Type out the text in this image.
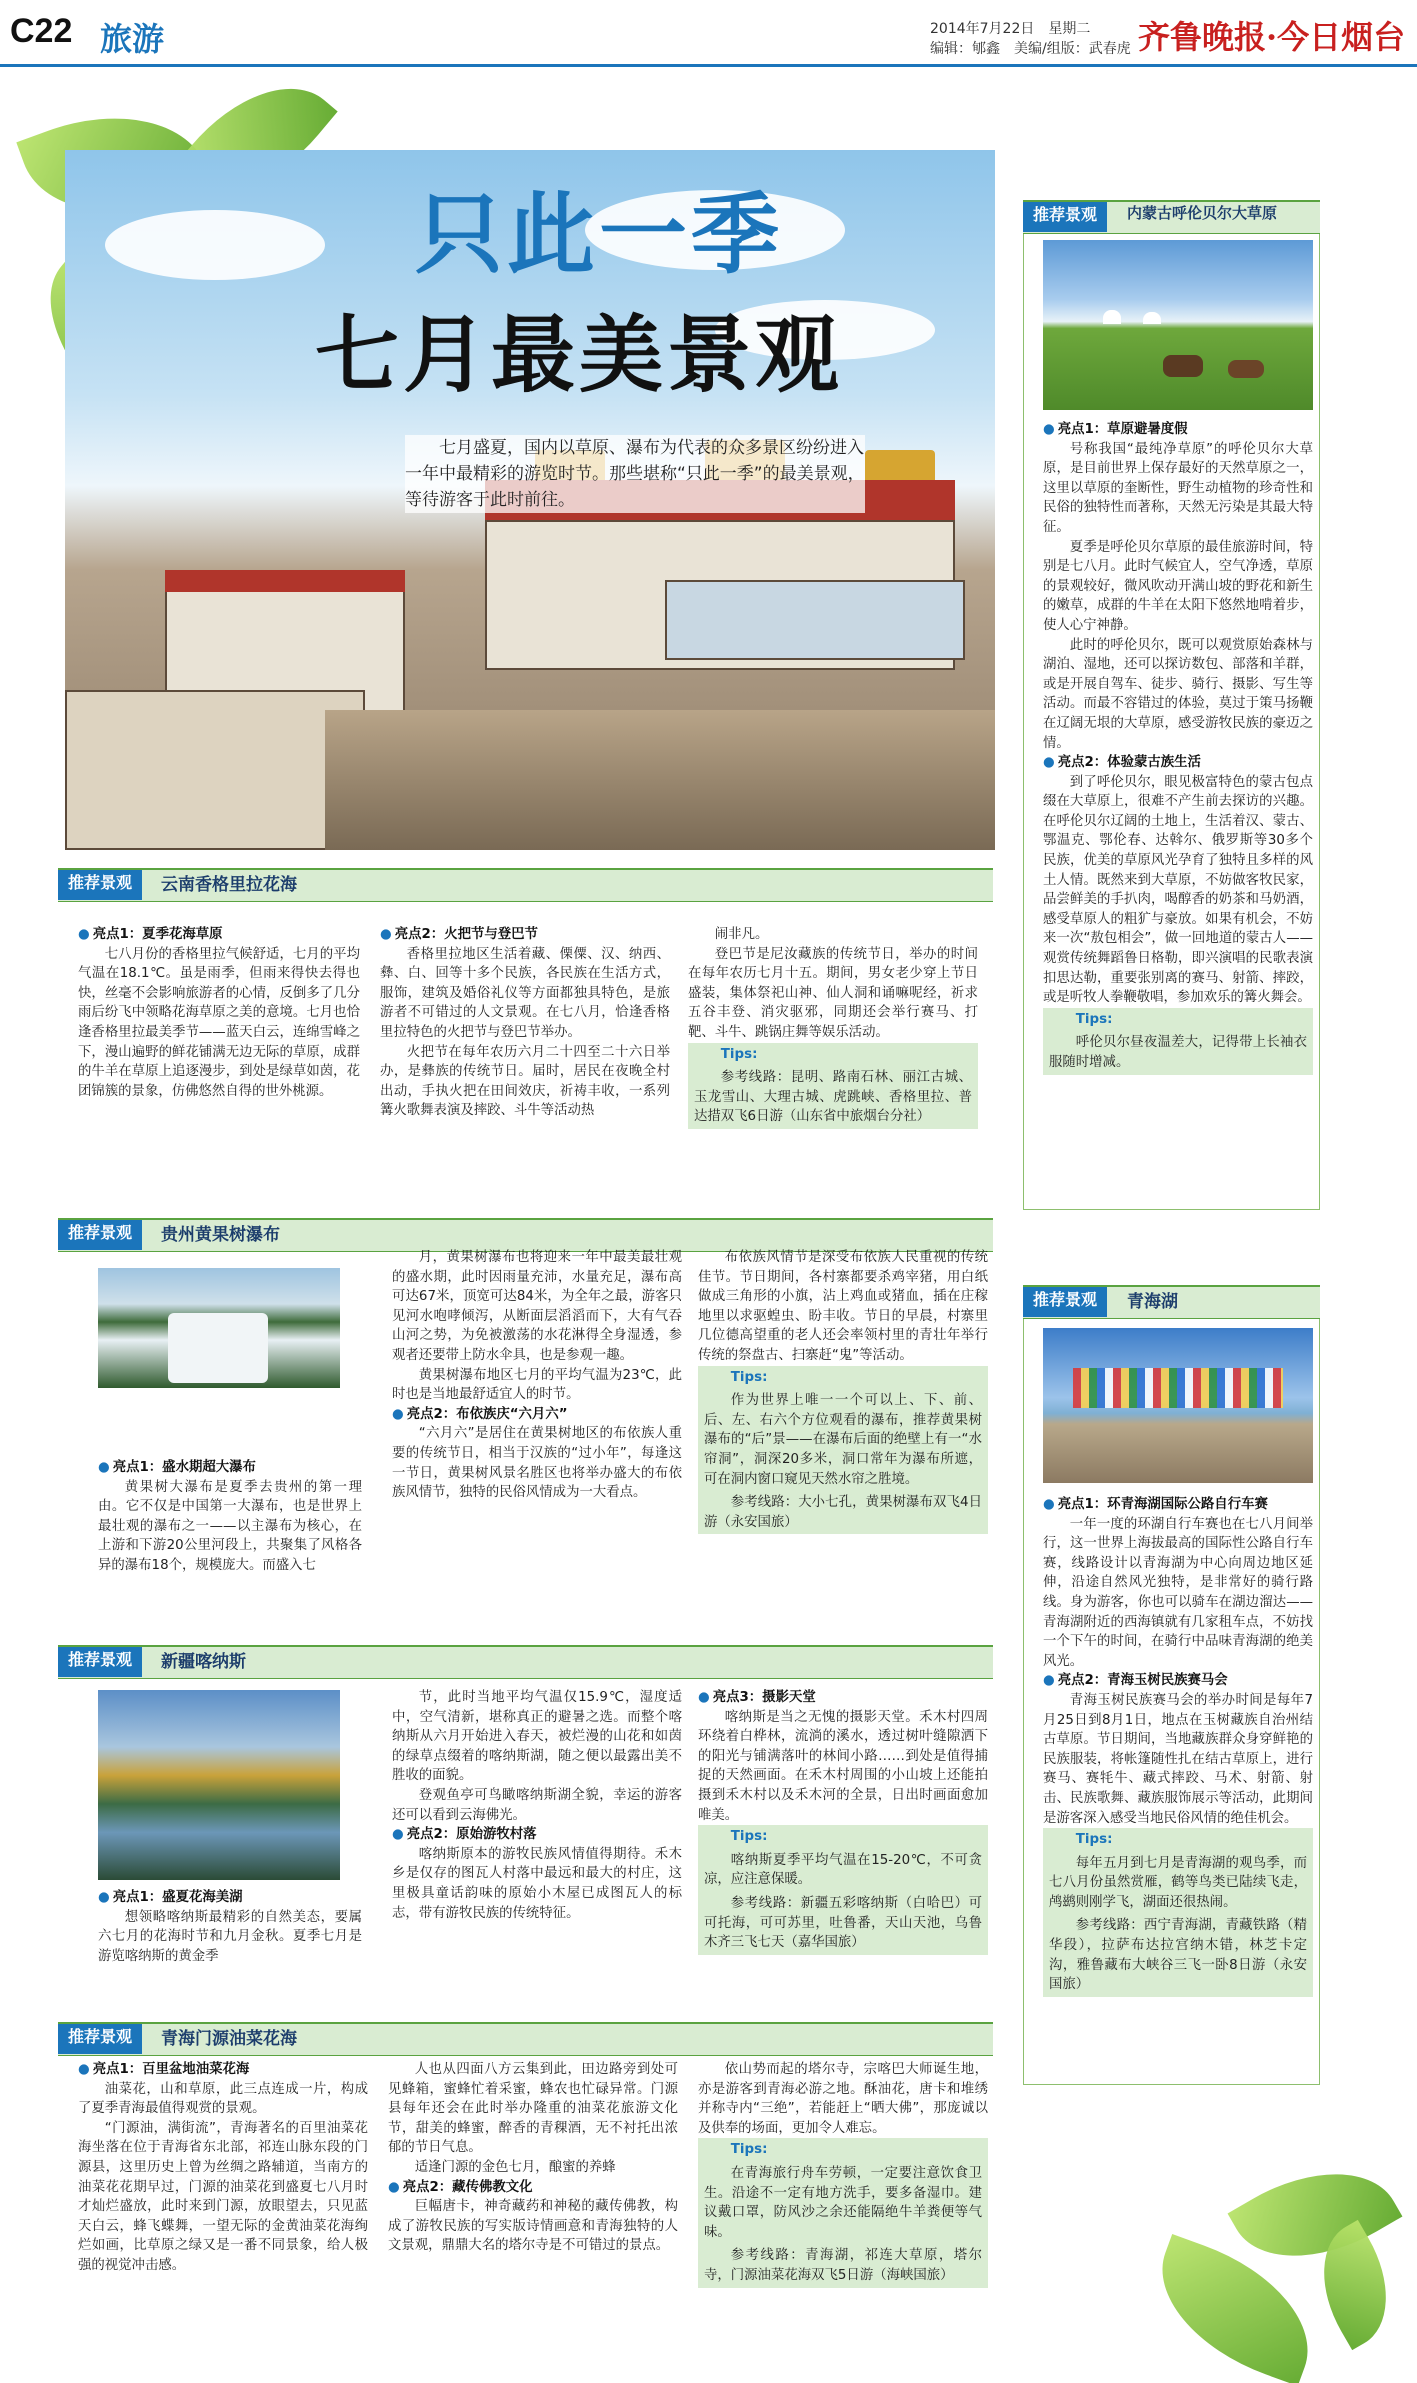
C22 旅游	2014年7月22日　星期二
编辑：郇鑫　美编/组版：武春虎 齐鲁晚报·今日烟台
只此一季
七月最美景观
七月盛夏，国内以草原、瀑布为代表的众多景区纷纷进入一年中最精彩的游览时节。那些堪称“只此一季”的最美景观，等待游客于此时前往。
推荐景观	云南香格里拉花海

● 亮点1：夏季花海草原

七八月份的香格里拉气候舒适，七月的平均气温在18.1℃。虽是雨季，但雨来得快去得也快，丝毫不会影响旅游者的心情，反倒多了几分雨后纷飞中领略花海草原之美的意境。七月也恰逢香格里拉最美季节——蓝天白云，连绵雪峰之下，漫山遍野的鲜花铺满无边无际的草原，成群的牛羊在草原上追逐漫步，到处是绿草如茵，花团锦簇的景象，仿佛悠然自得的世外桃源。

● 亮点2：火把节与登巴节

香格里拉地区生活着藏、傈僳、汉、纳西、彝、白、回等十多个民族，各民族在生活方式，服饰，建筑及婚俗礼仪等方面都独具特色，是旅游者不可错过的人文景观。在七八月，恰逢香格里拉特色的火把节与登巴节举办。

火把节在每年农历六月二十四至二十六日举办，是彝族的传统节日。届时，居民在夜晚全村出动，手执火把在田间效庆，祈祷丰收，一系列篝火歌舞表演及摔跤、斗牛等活动热

闹非凡。

登巴节是尼汝藏族的传统节日，举办的时间在每年农历七月十五。期间，男女老少穿上节日盛装，集体祭祀山神、仙人洞和诵嘛呢经，祈求五谷丰登、消灾驱邪，同期还会举行赛马、打靶、斗牛、跳锅庄舞等娱乐活动。

Tips:

参考线路：昆明、路南石林、丽江古城、玉龙雪山、大理古城、虎跳峡、香格里拉、普达措双飞6日游（山东省中旅烟台分社）

推荐景观	贵州黄果树瀑布

● 亮点1：盛水期超大瀑布

黄果树大瀑布是夏季去贵州的第一理由。它不仅是中国第一大瀑布，也是世界上最壮观的瀑布之一——以主瀑布为核心，在上游和下游20公里河段上，共聚集了风格各异的瀑布18个，规模庞大。而盛入七

月，黄果树瀑布也将迎来一年中最美最壮观的盛水期，此时因雨量充沛，水量充足，瀑布高可达67米，顶宽可达84米，为全年之最，游客只见河水咆哮倾泻，从断面层滔滔而下，大有气吞山河之势，为免被激荡的水花淋得全身湿透，参观者还要带上防水伞具，也是参观一趣。

黄果树瀑布地区七月的平均气温为23℃，此时也是当地最舒适宜人的时节。

● 亮点2：布依族庆“六月六”

“六月六”是居住在黄果树地区的布依族人重要的传统节日，相当于汉族的“过小年”，每逢这一节日，黄果树风景名胜区也将举办盛大的布依族风情节，独特的民俗风情成为一大看点。

布依族风情节是深受布依族人民重视的传统佳节。节日期间，各村寨都要杀鸡宰猪，用白纸做成三角形的小旗，沾上鸡血或猪血，插在庄稼地里以求驱蝗虫、盼丰收。节日的早晨，村寨里几位德高望重的老人还会率领村里的青壮年举行传统的祭盘古、扫寨赶“鬼”等活动。

Tips:

作为世界上唯一一个可以上、下、前、后、左、右六个方位观看的瀑布，推荐黄果树瀑布的“后”景——在瀑布后面的绝壁上有一“水帘洞”，洞深20多米，洞口常年为瀑布所遮，可在洞内窗口窥见天然水帘之胜境。

参考线路：大小七孔，黄果树瀑布双飞4日游（永安国旅）

推荐景观	新疆喀纳斯

● 亮点1：盛夏花海美湖

想领略喀纳斯最精彩的自然美态，要属六七月的花海时节和九月金秋。夏季七月是游览喀纳斯的黄金季

节，此时当地平均气温仅15.9℃，湿度适中，空气清新，堪称真正的避暑之选。而整个喀纳斯从六月开始进入春天，被烂漫的山花和如茵的绿草点缀着的喀纳斯湖，随之便以最露出美不胜收的面貌。

登观鱼亭可鸟瞰喀纳斯湖全貌，幸运的游客还可以看到云海佛光。

● 亮点2：原始游牧村落

喀纳斯原本的游牧民族风情值得期待。禾木乡是仅存的图瓦人村落中最远和最大的村庄，这里极具童话韵味的原始小木屋已成图瓦人的标志，带有游牧民族的传统特征。

● 亮点3：摄影天堂

喀纳斯是当之无愧的摄影天堂。禾木村四周环绕着白桦林，流淌的溪水，透过树叶缝隙洒下的阳光与铺满落叶的林间小路……到处是值得捕捉的天然画面。在禾木村周围的小山坡上还能拍摄到禾木村以及禾木河的全景，日出时画面愈加唯美。

Tips:

喀纳斯夏季平均气温在15-20℃，不可贪凉，应注意保暖。

参考线路：新疆五彩喀纳斯（白哈巴）可可托海，可可苏里，吐鲁番，天山天池，乌鲁木齐三飞七天（嘉华国旅）

推荐景观	青海门源油菜花海

● 亮点1：百里盆地油菜花海

油菜花，山和草原，此三点连成一片，构成了夏季青海最值得观赏的景观。

“门源油，满街流”，青海著名的百里油菜花海坐落在位于青海省东北部，祁连山脉东段的门源县，这里历史上曾为丝绸之路辅道，当南方的油菜花花期早过，门源的油菜花到盛夏七八月时才灿烂盛放，此时来到门源，放眼望去，只见蓝天白云，蜂飞蝶舞，一望无际的金黄油菜花海绚烂如画，比草原之绿又是一番不同景象，给人极强的视觉冲击感。

人也从四面八方云集到此，田边路旁到处可见蜂箱，蜜蜂忙着采蜜，蜂农也忙碌异常。门源县每年还会在此时举办隆重的油菜花旅游文化节，甜美的蜂蜜，醉香的青稞酒，无不衬托出浓郁的节日气息。

适逢门源的金色七月，酿蜜的养蜂

● 亮点2：藏传佛教文化

巨幅唐卡，神奇藏药和神秘的藏传佛教，构成了游牧民族的写实版诗情画意和青海独特的人文景观，鼎鼎大名的塔尔寺是不可错过的景点。

依山势而起的塔尔寺，宗喀巴大师诞生地，亦是游客到青海必游之地。酥油花，唐卡和堆绣并称寺内“三绝”，若能赶上“晒大佛”，那庞诚以及供奉的场面，更加令人难忘。

Tips:

在青海旅行舟车劳顿，一定要注意饮食卫生。沿途不一定有地方洗手，要多备湿巾。建议戴口罩，防风沙之余还能隔绝牛羊粪便等气味。

参考线路：青海湖，祁连大草原，塔尔寺，门源油菜花海双飞5日游（海峡国旅）

推荐景观	内蒙古呼伦贝尔大草原

● 亮点1：草原避暑度假

号称我国“最纯净草原”的呼伦贝尔大草原，是目前世界上保存最好的天然草原之一，这里以草原的奎断性，野生动植物的珍奇性和民俗的独特性而著称，天然无污染是其最大特征。

夏季是呼伦贝尔草原的最佳旅游时间，特别是七八月。此时气候宜人，空气净透，草原的景观较好，微风吹动开满山坡的野花和新生的嫩草，成群的牛羊在太阳下悠然地啃着步，使人心宁神静。

此时的呼伦贝尔，既可以观赏原始森林与湖泊、湿地，还可以探访数包、部落和羊群，或是开展自驾车、徒步、骑行、摄影、写生等活动。而最不容错过的体验，莫过于策马扬鞭在辽阔无垠的大草原，感受游牧民族的豪迈之情。

● 亮点2：体验蒙古族生活

到了呼伦贝尔，眼见极富特色的蒙古包点缀在大草原上，很难不产生前去探访的兴趣。在呼伦贝尔辽阔的土地上，生活着汉、蒙古、鄂温克、鄂伦春、达斡尔、俄罗斯等30多个民族，优美的草原风光孕育了独特且多样的风土人情。既然来到大草原，不妨做客牧民家，品尝鲜美的手扒肉，喝醇香的奶茶和马奶酒，感受草原人的粗犷与豪放。如果有机会，不妨来一次“敖包相会”，做一回地道的蒙古人——观赏传统舞蹈鲁日格勒，即兴演唱的民歌表演扣思达勒，重要张别离的赛马、射箭、摔跤，或是听牧人拳鞭敬唱，参加欢乐的篝火舞会。

Tips:

呼伦贝尔昼夜温差大，记得带上长袖衣服随时增减。

推荐景观	青海湖

● 亮点1：环青海湖国际公路自行车赛

一年一度的环湖自行车赛也在七八月间举行，这一世界上海拔最高的国际性公路自行车赛，线路设计以青海湖为中心向周边地区延伸，沿途自然风光独特，是非常好的骑行路线。身为游客，你也可以骑车在湖边溜达——青海湖附近的西海镇就有几家租车点，不妨找一个下午的时间，在骑行中品味青海湖的绝美风光。

● 亮点2：青海玉树民族赛马会

青海玉树民族赛马会的举办时间是每年7月25日到8月1日，地点在玉树藏族自治州结古草原。节日期间，当地藏族群众身穿鲜艳的民族服装，将帐篷随性扎在结古草原上，进行赛马、赛牦牛、藏式摔跤、马术、射箭、射击、民族歌舞、藏族服饰展示等活动，此期间是游客深入感受当地民俗风情的绝佳机会。

Tips:

每年五月到七月是青海湖的观鸟季，而七八月份虽然赏雁，鹤等鸟类已陆续飞走，鸬鹚则刚学飞，湖面还很热闹。

参考线路：西宁青海湖，青藏铁路（精华段），拉萨布达拉宫纳木错，林芝卡定沟，雅鲁藏布大峡谷三飞一卧8日游（永安国旅）
